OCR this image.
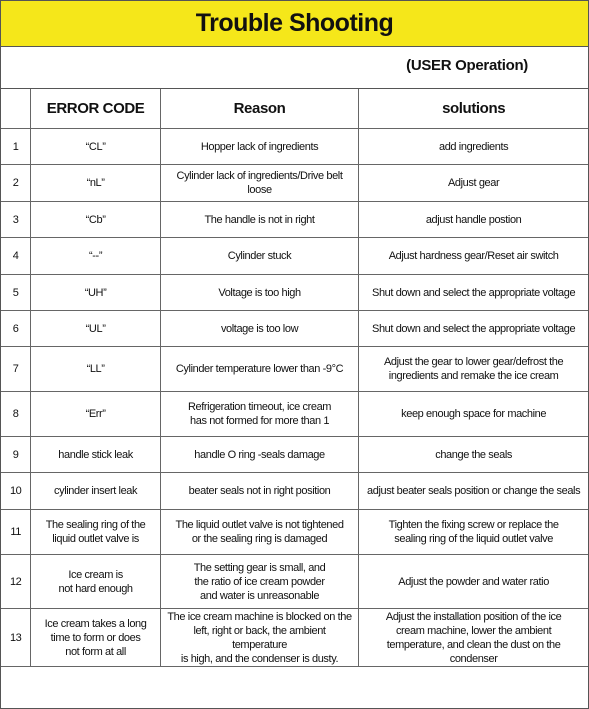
Trouble Shooting
(USER Operation)
	ERROR CODE	Reason	solutions

1	“CL”	Hopper lack of ingredients	add ingredients

2	“nL”	Cylinder lack of ingredients/Drive belt loose	Adjust gear

3	“Cb”	The handle is not in right	adjust handle postion

4	“--”	Cylinder stuck	Adjust hardness gear/Reset air switch

5	“UH”	Voltage is too high	Shut down and select the appropriate voltage

6	“UL”	voltage is too low	Shut down and select the appropriate voltage

7	“LL”	Cylinder temperature lower than -9°C	Adjust the gear to lower gear/defrost the
ingredients and remake the ice cream

8	“Err”	Refrigeration timeout, ice cream
has not formed for more than 1	keep enough space for machine

9	handle stick leak	handle O ring -seals damage	change the seals

10	cylinder insert leak	beater seals not in right position	adjust beater seals position or change the seals

11	The sealing ring of the
liquid outlet valve is	The liquid outlet valve is not tightened
or the sealing ring is damaged	Tighten the fixing screw or replace the
sealing ring of the liquid outlet valve

12	Ice cream is
not hard enough	The setting gear is small, and
the ratio of ice cream powder
and water is unreasonable	Adjust the powder and water ratio

13	Ice cream takes a long
time to form or does
not form at all	The ice cream machine is blocked on the
left, right or back, the ambient temperature
is high, and the condenser is dusty.	Adjust the installation position of the ice
cream machine, lower the ambient
temperature, and clean the dust on the condenser
